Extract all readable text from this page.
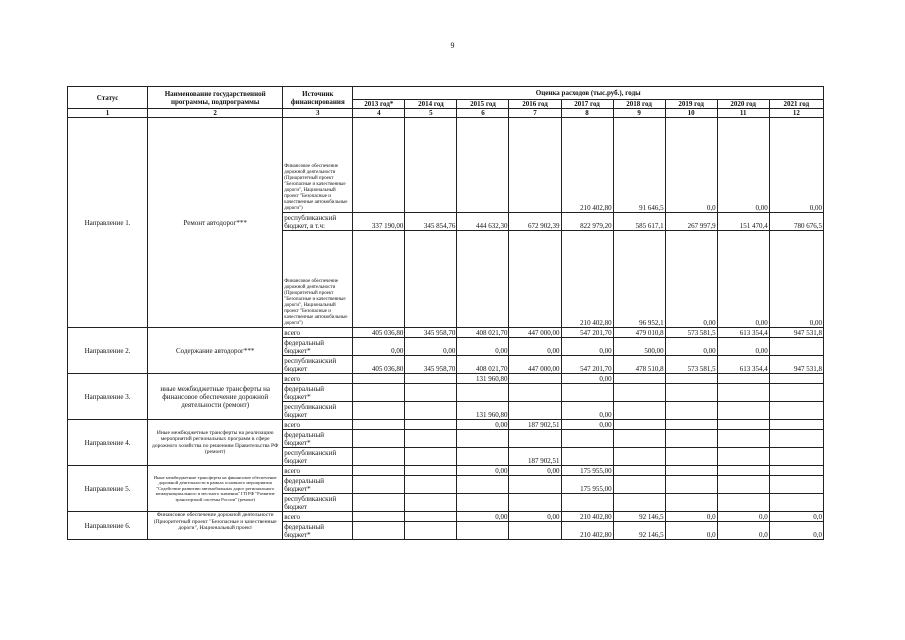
9
Статус	Наименование государственной программы, подпрограммы	Источник финансирования	Оценка расходов (тыс.руб.), годы								
			2013 год*	2014 год	2015 год	2016 год	2017 год	2018 год	2019 год	2020 год	2021 год
1	2	3	4	5	6	7	8	9	10	11	12
Направление 1.	Ремонт автодорог***	Финансовое обеспечение дорожной деятельности (Приоритетный проект "Безопасные и качественные дороги", Национальный проект "Безопасные и качественные автомобильные дороги")					210 402,80	91 646,5	0,0	0,00	0,00
		республиканский бюджет, в т.ч:	337 190,00	345 854,76	444 632,30	672 902,39	822 979,20	585 617,1	267 997,9	151 470,4	780 676,5
		Финансовое обеспечение дорожной деятельности (Приоритетный проект "Безопасные и качественные дороги", Национальный проект "Безопасные и качественные автомобильные дороги")					210 402,80	96 952,1	0,00	0,00	0,00
Направление 2.	Содержание автодорог***	всего	405 036,80	345 958,70	408 021,70	447 000,00	547 201,70	479 010,8	573 581,5	613 354,4	947 531,8
		федеральный бюджет*	0,00	0,00	0,00	0,00	0,00	500,00	0,00	0,00	
		республиканский бюджет	405 036,80	345 958,70	408 021,70	447 000,00	547 201,70	478 510,8	573 581,5	613 354,4	947 531,8
Направление 3.	иные межбюджетные трансферты на финансовое обеспечение дорожной деятельности (ремонт)	всего			131 960,80		0,00				
		федеральный бюджет*									
		республиканский бюджет			131 960,80		0,00				
Направление 4.	Иные межбюджетные трансферты на реализацию мероприятий региональных программ в сфере дорожного хозяйства по решениям Правительства РФ (ремонт)	всего			0,00	187 902,51	0,00				
		федеральный бюджет*									
		республиканский бюджет				187 902,51					
Направление 5.	Иные межбюджетные трансферты на финансовое обеспечение дорожной деятельности в рамках основного мероприятия "Содействие развитию автомобильных дорог регионального межмуниципального и местного значения" ГП РФ "Развитие транспортной системы России" (ремонт)	всего			0,00	0,00	175 955,00				
		федеральный бюджет*					175 955,00				
		республиканский бюджет									
Направление 6.	Финансовое обеспечение дорожной деятельности (Приоритетный проект "Безопасные и качественные дороги", Национальный проект	всего			0,00	0,00	210 402,80	92 146,5	0,0	0,0	0,0
		федеральный бюджет*					210 402,80	92 146,5	0,0	0,0	0,0
